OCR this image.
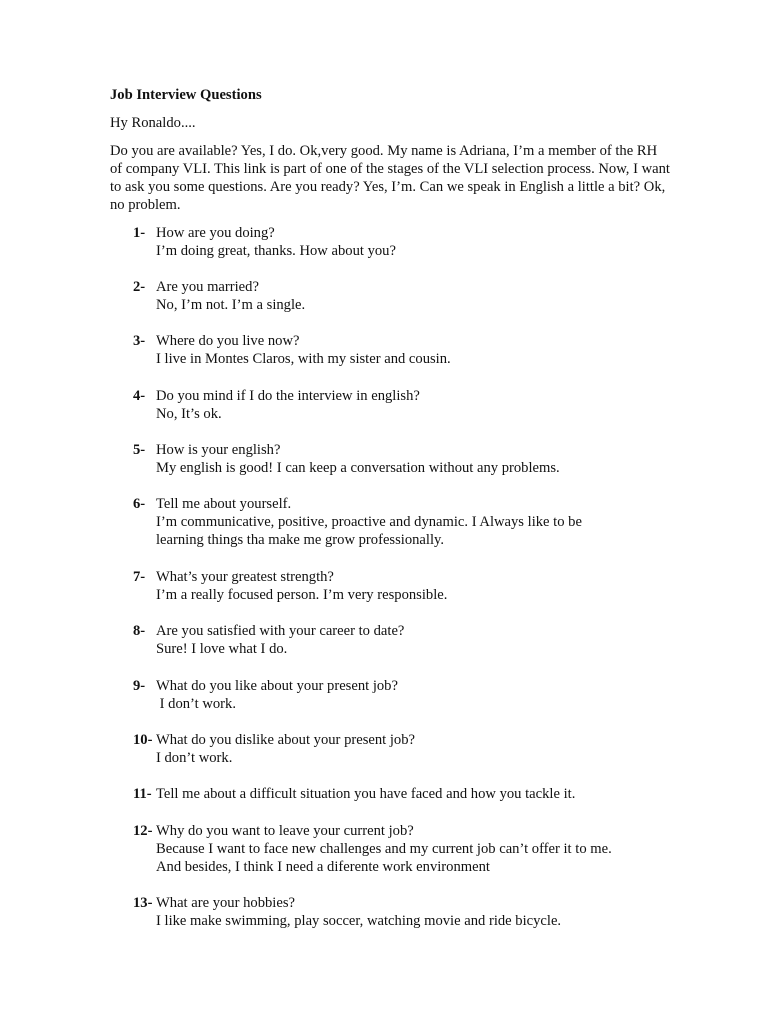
Job Interview Questions
Hy Ronaldo....
Do you are available? Yes, I do. Ok,very good. My name is Adriana, I’m a member of the RH of company VLI. This link is part of one of the stages of the VLI selection process. Now, I want to ask you some questions. Are you ready? Yes, I’m. Can we speak in English a little a bit? Ok, no problem.
1- How are you doing?
I’m doing great, thanks. How about you?
2- Are you married?
No, I’m not. I’m a single.
3- Where do you live now?
I live in Montes Claros, with my sister and cousin.
4- Do you mind if I do the interview in english?
No, It’s ok.
5- How is your english?
My english is good! I can keep a conversation without any problems.
6- Tell me about yourself.
I’m communicative, positive, proactive and dynamic. I Always like to be
learning things tha make me grow professionally.
7- What’s your greatest strength?
I’m a really focused person. I’m very responsible.
8- Are you satisfied with your career to date?
Sure! I love what I do.
9- What do you like about your present job?
I don’t work.
10- What do you dislike about your present job?
I don’t work.
11- Tell me about a difficult situation you have faced and how you tackle it.
12- Why do you want to leave your current job?
Because I want to face new challenges and my current job can’t offer it to me.
And besides, I think I need a diferente work environment
13- What are your hobbies?
I like make swimming, play soccer, watching movie and ride bicycle.
